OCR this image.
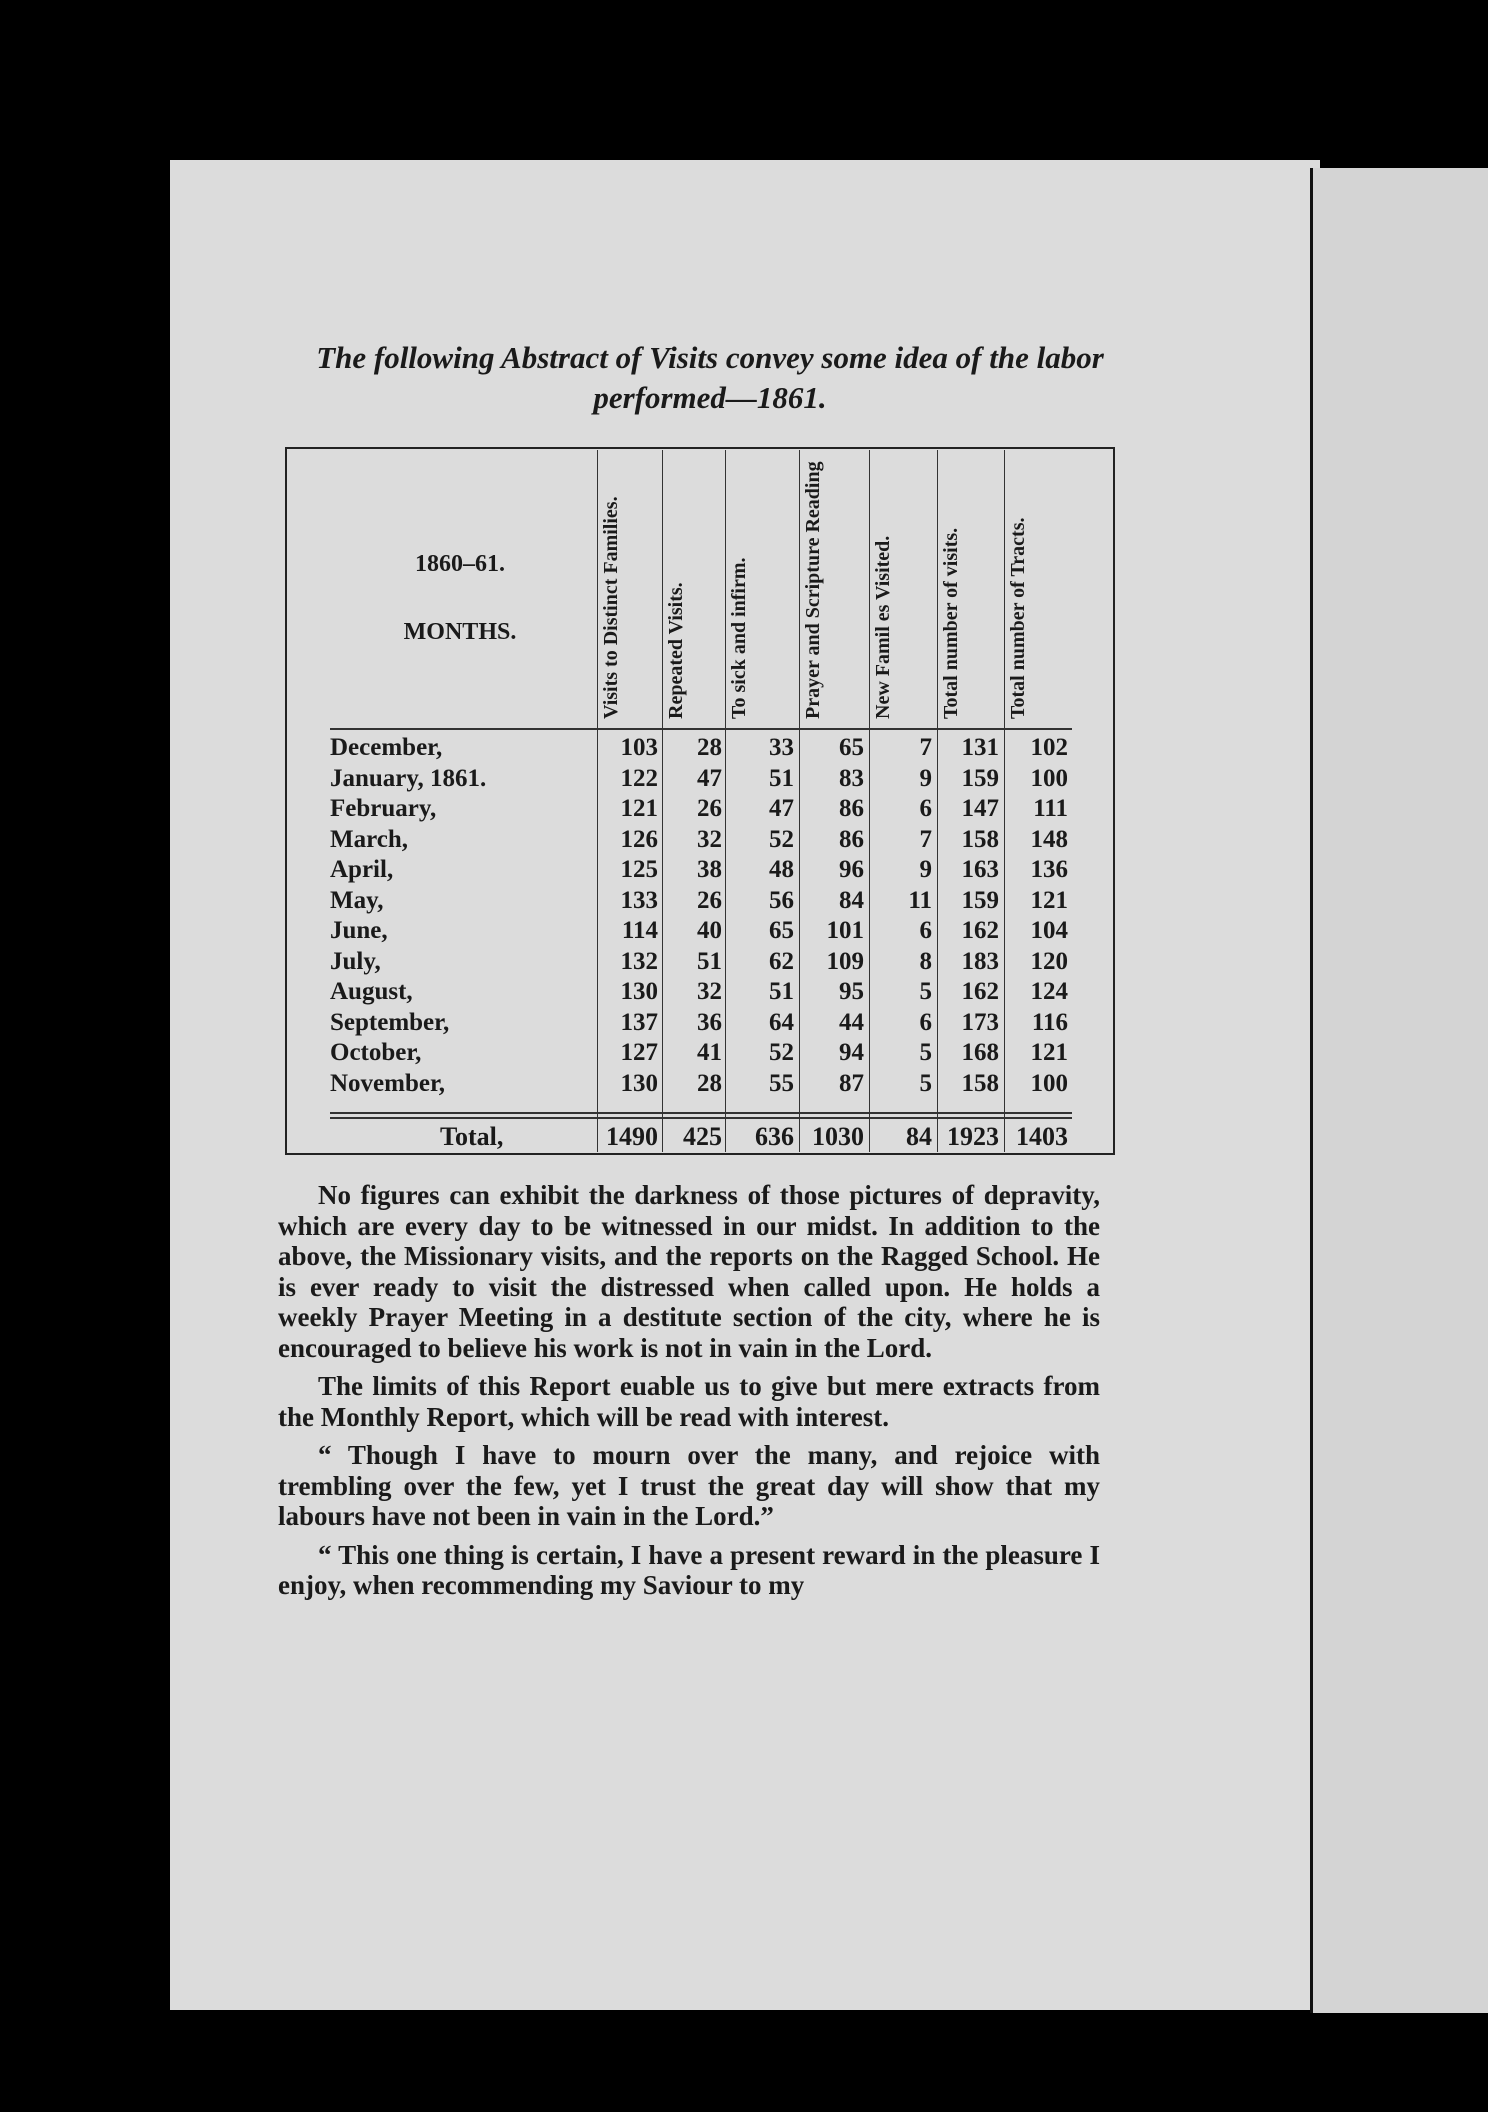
The following Abstract of Visits convey some idea of the labor performed—1861.
1860–61.
MONTHS.	Visits to Distinct Families.	Repeated Visits.	To sick and infirm.	Prayer and Scripture Reading	New Famil es Visited.	Total number of visits.	Total number of Tracts.
December,	103	28	33	65	7	131	102
January, 1861.	122	47	51	83	9	159	100
February,	121	26	47	86	6	147	111
March,	126	32	52	86	7	158	148
April,	125	38	48	96	9	163	136
May,	133	26	56	84	11	159	121
June,	114	40	65	101	6	162	104
July,	132	51	62	109	8	183	120
August,	130	32	51	95	5	162	124
September,	137	36	64	44	6	173	116
October,	127	41	52	94	5	168	121
November,	130	28	55	87	5	158	100
Total,	1490 425	636 1030	84 1923 1403

No figures can exhibit the darkness of those pictures of depravity, which are every day to be witnessed in our midst. In addition to the above, the Missionary visits, and the reports on the Ragged School. He is ever ready to visit the distressed when called upon. He holds a weekly Prayer Meeting in a destitute section of the city, where he is encouraged to believe his work is not in vain in the Lord.

The limits of this Report euable us to give but mere extracts from the Monthly Report, which will be read with interest.

“ Though I have to mourn over the many, and rejoice with trembling over the few, yet I trust the great day will show that my labours have not been in vain in the Lord.”

“ This one thing is certain, I have a present reward in the pleasure I enjoy, when recommending my Saviour to my
